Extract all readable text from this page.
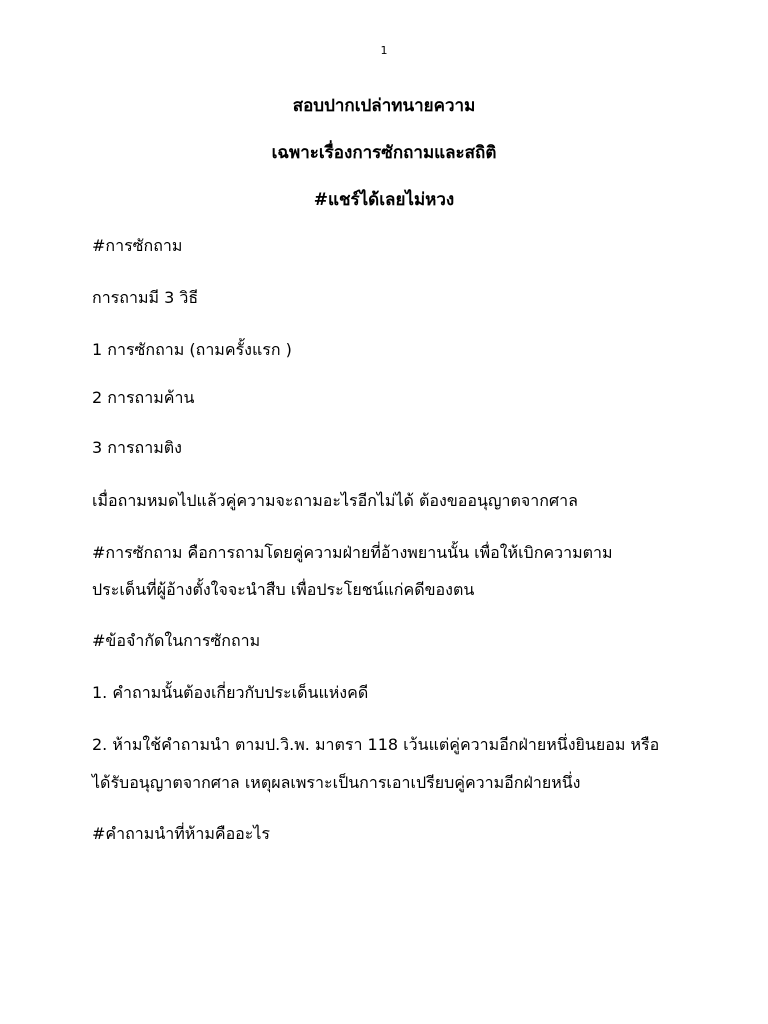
1
สอบปากเปล่าทนายความ
เฉพาะเรื่องการซักถามและสถิติ
#แชร์ได้เลยไม่หวง
#การซักถาม
การถามมี 3 วิธี
1 การซักถาม (ถามครั้งแรก )
2 การถามค้าน
3 การถามติง
เมื่อถามหมดไปแล้วคู่ความจะถามอะไรอีกไม่ได้ ต้องขออนุญาตจากศาล
#การซักถาม คือการถามโดยคู่ความฝ่ายที่อ้างพยานนั้น เพื่อให้เบิกความตาม
ประเด็นที่ผู้อ้างตั้งใจจะนำสืบ เพื่อประโยชน์แก่คดีของตน
#ข้อจำกัดในการซักถาม
1. คำถามนั้นต้องเกี่ยวกับประเด็นแห่งคดี
2. ห้ามใช้คำถามนำ ตามป.วิ.พ. มาตรา 118 เว้นแต่คู่ความอีกฝ่ายหนึ่งยินยอม หรือ
ได้รับอนุญาตจากศาล เหตุผลเพราะเป็นการเอาเปรียบคู่ความอีกฝ่ายหนึ่ง
#คำถามนำที่ห้ามคืออะไร
